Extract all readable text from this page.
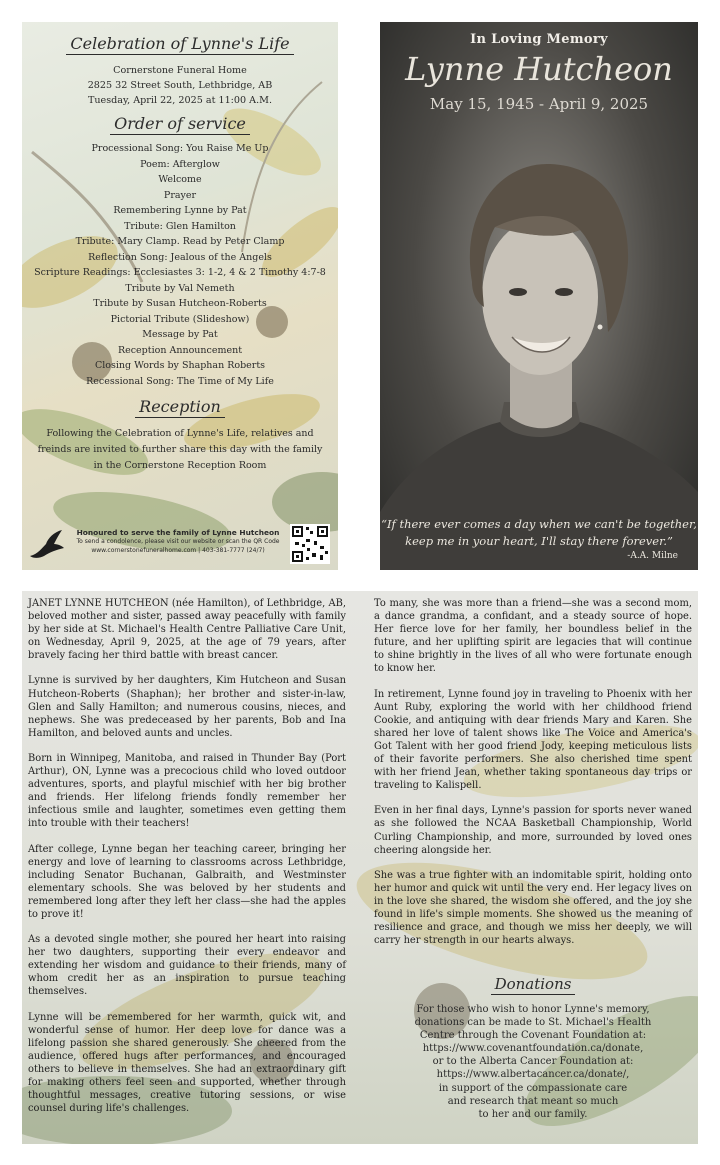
Celebration of Lynne's Life
Cornerstone Funeral Home
2825 32 Street South, Lethbridge, AB
Tuesday, April 22, 2025 at 11:00 A.M.
Order of service
Processional Song: You Raise Me Up
Poem: Afterglow
Welcome
Prayer
Remembering Lynne by Pat
Tribute: Glen Hamilton
Tribute: Mary Clamp. Read by Peter Clamp
Reflection Song: Jealous of the Angels
Scripture Readings: Ecclesiastes 3: 1-2, 4 & 2 Timothy 4:7-8
Tribute by Val Nemeth
Tribute by Susan Hutcheon-Roberts
Pictorial Tribute (Slideshow)
Message by Pat
Reception Announcement
Closing Words by Shaphan Roberts
Recessional Song: The Time of My Life
Reception
Following the Celebration of Lynne's Life, relatives and freinds are invited to further share this day with the family in the Cornerstone Reception Room
Honoured to serve the family of Lynne Hutcheon
To send a condolence, please visit our website or scan the QR Code
www.cornerstonefuneralhome.com | 403-381-7777 (24/7)
In Loving Memory
Lynne Hutcheon
May 15, 1945 - April 9, 2025
“If there ever comes a day when we can't be together,
keep me in your heart, I'll stay there forever.”
-A.A. Milne

JANET LYNNE HUTCHEON (née Hamilton), of Lethbridge, AB, beloved mother and sister, passed away peacefully with family by her side at St. Michael's Health Centre Palliative Care Unit, on Wednesday, April 9, 2025, at the age of 79 years, after bravely facing her third battle with breast cancer.

Lynne is survived by her daughters, Kim Hutcheon and Susan Hutcheon-Roberts (Shaphan); her brother and sister-in-law, Glen and Sally Hamilton; and numerous cousins, nieces, and nephews. She was predeceased by her parents, Bob and Ina Hamilton, and beloved aunts and uncles.

Born in Winnipeg, Manitoba, and raised in Thunder Bay (Port Arthur), ON, Lynne was a precocious child who loved outdoor adventures, sports, and playful mischief with her big brother and friends. Her lifelong friends fondly remember her infectious smile and laughter, sometimes even getting them into trouble with their teachers!

After college, Lynne began her teaching career, bringing her energy and love of learning to classrooms across Lethbridge, including Senator Buchanan, Galbraith, and Westminster elementary schools. She was beloved by her students and remembered long after they left her class—she had the apples to prove it!

As a devoted single mother, she poured her heart into raising her two daughters, supporting their every endeavor and extending her wisdom and guidance to their friends, many of whom credit her as an inspiration to pursue teaching themselves.

Lynne will be remembered for her warmth, quick wit, and wonderful sense of humor. Her deep love for dance was a lifelong passion she shared generously. She cheered from the audience, offered hugs after performances, and encouraged others to believe in themselves. She had an extraordinary gift for making others feel seen and supported, whether through thoughtful messages, creative tutoring sessions, or wise counsel during life's challenges.

To many, she was more than a friend—she was a second mom, a dance grandma, a confidant, and a steady source of hope. Her fierce love for her family, her boundless belief in the future, and her uplifting spirit are legacies that will continue to shine brightly in the lives of all who were fortunate enough to know her.

In retirement, Lynne found joy in traveling to Phoenix with her Aunt Ruby, exploring the world with her childhood friend Cookie, and antiquing with dear friends Mary and Karen. She shared her love of talent shows like The Voice and America's Got Talent with her good friend Jody, keeping meticulous lists of their favorite performers. She also cherished time spent with her friend Jean, whether taking spontaneous day trips or traveling to Kalispell.

Even in her final days, Lynne's passion for sports never waned as she followed the NCAA Basketball Championship, World Curling Championship, and more, surrounded by loved ones cheering alongside her.

She was a true fighter with an indomitable spirit, holding onto her humor and quick wit until the very end. Her legacy lives on in the love she shared, the wisdom she offered, and the joy she found in life's simple moments. She showed us the meaning of resilience and grace, and though we miss her deeply, we will carry her strength in our hearts always.

Donations
For those who wish to honor Lynne's memory,
donations can be made to St. Michael's Health
Centre through the Covenant Foundation at:
https://www.covenantfoundation.ca/donate,
or to the Alberta Cancer Foundation at:
https://www.albertacancer.ca/donate/,
in support of the compassionate care
and research that meant so much
to her and our family.
